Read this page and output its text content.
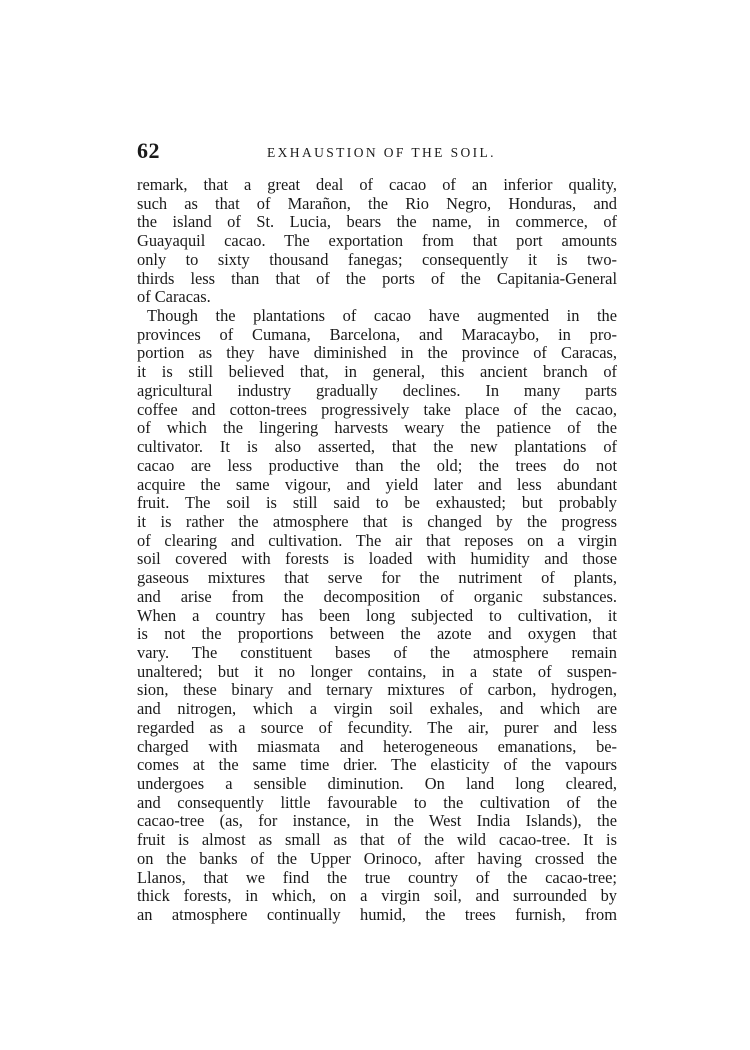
62	EXHAUSTION OF THE SOIL.
remark, that a great deal of cacao of an inferior quality,
such as that of Marañon, the Rio Negro, Honduras, and
the island of St. Lucia, bears the name, in commerce, of
Guayaquil cacao. The exportation from that port amounts
only to sixty thousand fanegas; consequently it is two-
thirds less than that of the ports of the Capitania-General
of Caracas.
Though the plantations of cacao have augmented in the
provinces of Cumana, Barcelona, and Maracaybo, in pro-
portion as they have diminished in the province of Caracas,
it is still believed that, in general, this ancient branch of
agricultural industry gradually declines. In many parts
coffee and cotton-trees progressively take place of the cacao,
of which the lingering harvests weary the patience of the
cultivator. It is also asserted, that the new plantations of
cacao are less productive than the old; the trees do not
acquire the same vigour, and yield later and less abundant
fruit. The soil is still said to be exhausted; but probably
it is rather the atmosphere that is changed by the progress
of clearing and cultivation. The air that reposes on a virgin
soil covered with forests is loaded with humidity and those
gaseous mixtures that serve for the nutriment of plants,
and arise from the decomposition of organic substances.
When a country has been long subjected to cultivation, it
is not the proportions between the azote and oxygen that
vary. The constituent bases of the atmosphere remain
unaltered; but it no longer contains, in a state of suspen-
sion, these binary and ternary mixtures of carbon, hydrogen,
and nitrogen, which a virgin soil exhales, and which are
regarded as a source of fecundity. The air, purer and less
charged with miasmata and heterogeneous emanations, be-
comes at the same time drier. The elasticity of the vapours
undergoes a sensible diminution. On land long cleared,
and consequently little favourable to the cultivation of the
cacao-tree (as, for instance, in the West India Islands), the
fruit is almost as small as that of the wild cacao-tree. It is
on the banks of the Upper Orinoco, after having crossed the
Llanos, that we find the true country of the cacao-tree;
thick forests, in which, on a virgin soil, and surrounded by
an atmosphere continually humid, the trees furnish, from
